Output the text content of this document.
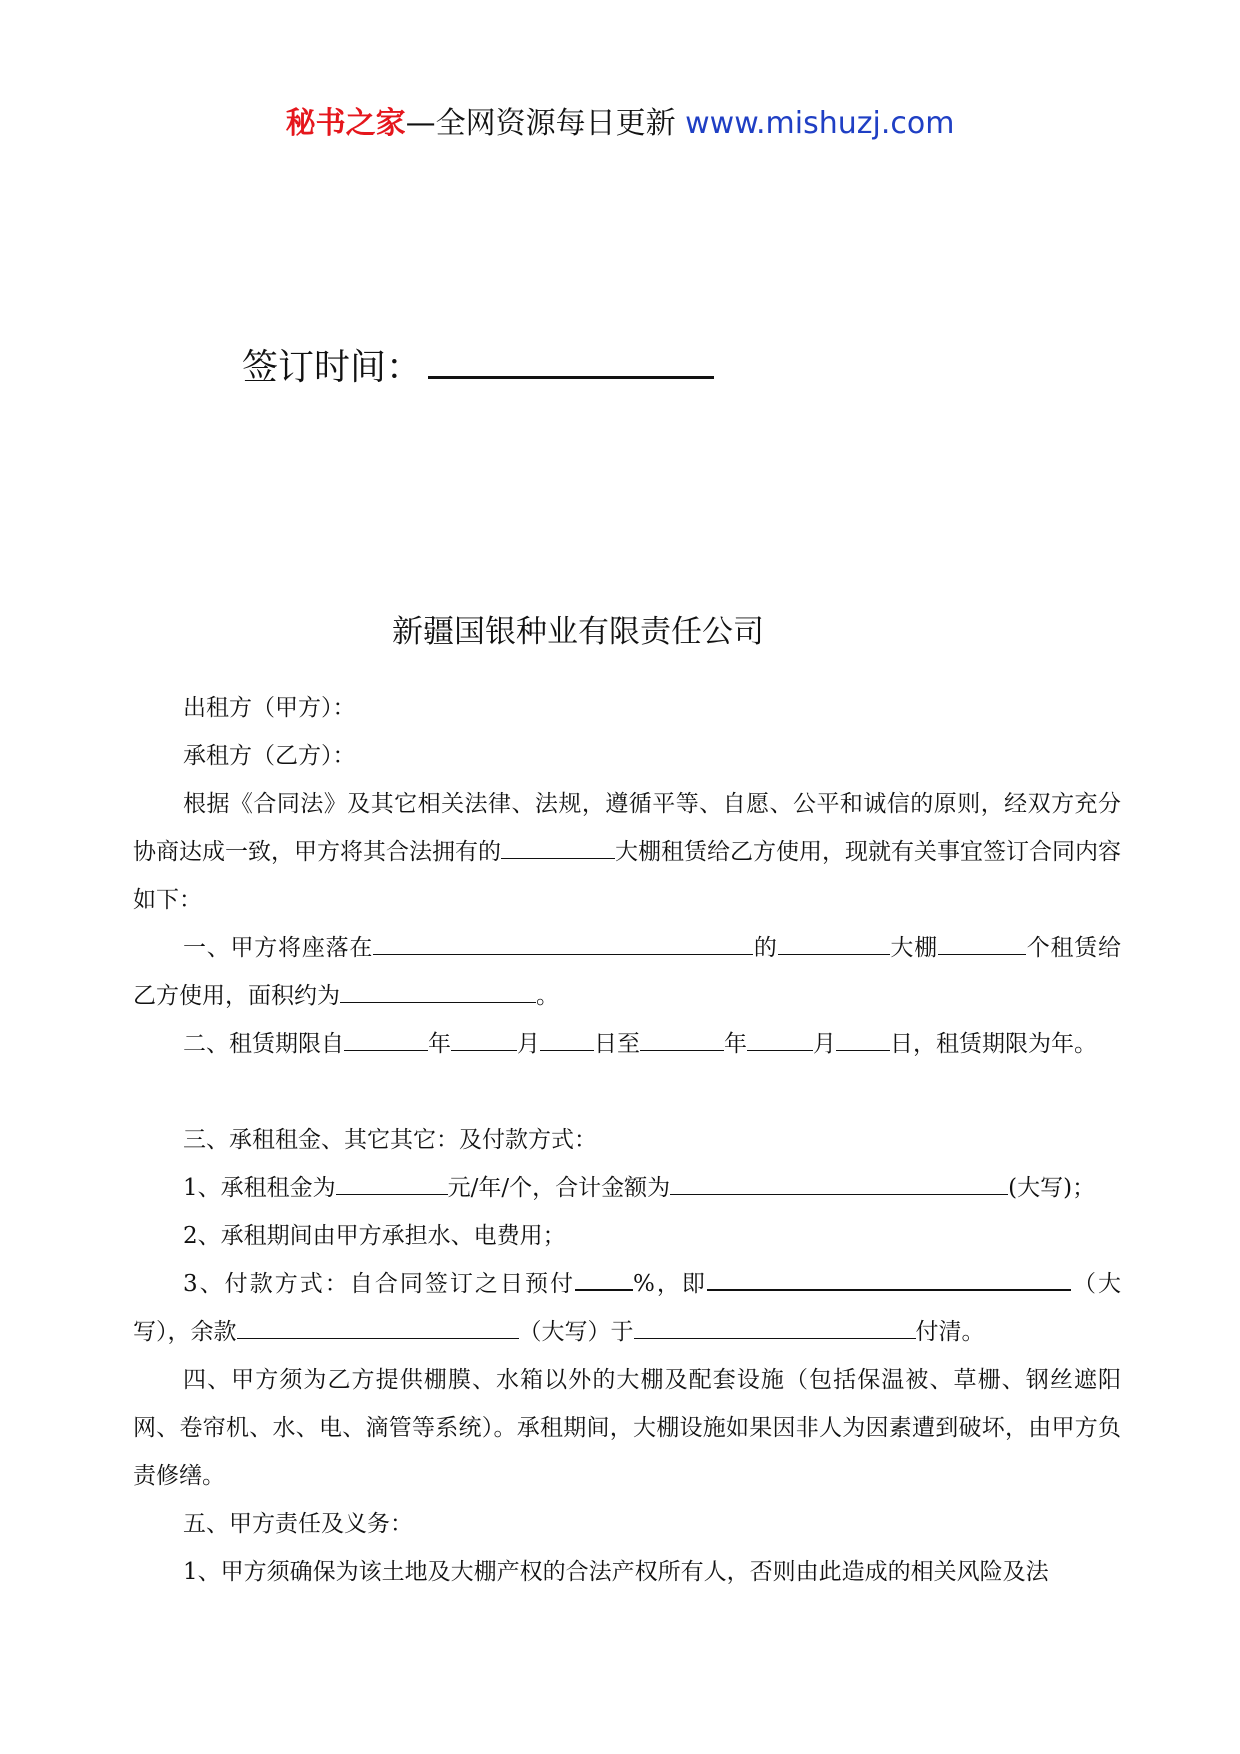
秘书之家—全网资源每日更新 www.mishuzj.com
签订时间：
新疆国银种业有限责任公司
出租方（甲方）：
承租方（乙方）：
根据《合同法》及其它相关法律、法规，遵循平等、自愿、公平和诚信的原则，经双方充分协商达成一致，甲方将其合法拥有的	大棚租赁给乙方使用，现就有关事宜签订合同内容如下：
一、甲方将座落在	的	大棚	个租赁给乙方使用，面积约为	。
二、租赁期限自	年	月 日至	年	月 日，租赁期限为年。
三、承租租金、其它其它：及付款方式：
1、承租租金为	元/年/个，合计金额为	(大写)；
2、承租期间由甲方承担水、电费用；
3、付款方式：自合同签订之日预付	%，即	（大写），余款	（大写）于	付清。
四、甲方须为乙方提供棚膜、水箱以外的大棚及配套设施（包括保温被、草栅、钢丝遮阳网、卷帘机、水、电、滴管等系统）。承租期间，大棚设施如果因非人为因素遭到破坏，由甲方负责修缮。
五、甲方责任及义务：
1、甲方须确保为该土地及大棚产权的合法产权所有人，否则由此造成的相关风险及法
